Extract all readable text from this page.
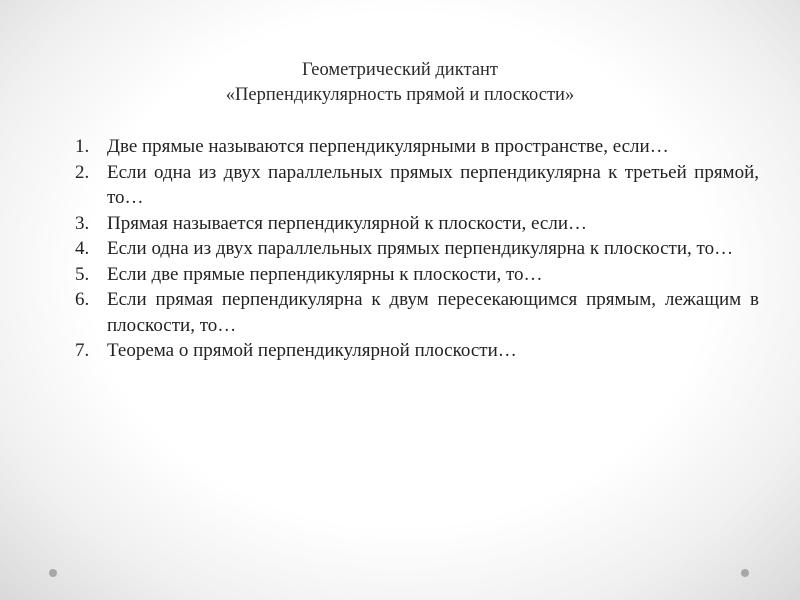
Геометрический диктант
«Перпендикулярность прямой и плоскости»
1. Две прямые называются перпендикулярными в пространстве, если…
2. Если одна из двух параллельных прямых перпендикулярна к третьей прямой, то…
3. Прямая называется перпендикулярной к плоскости, если…
4. Если одна из двух параллельных прямых перпендикулярна к плоскости, то…
5. Если две прямые перпендикулярны к плоскости, то…
6. Если прямая перпендикулярна к двум пересекающимся прямым, лежащим в плоскости, то…
7. Теорема о прямой перпендикулярной плоскости…
